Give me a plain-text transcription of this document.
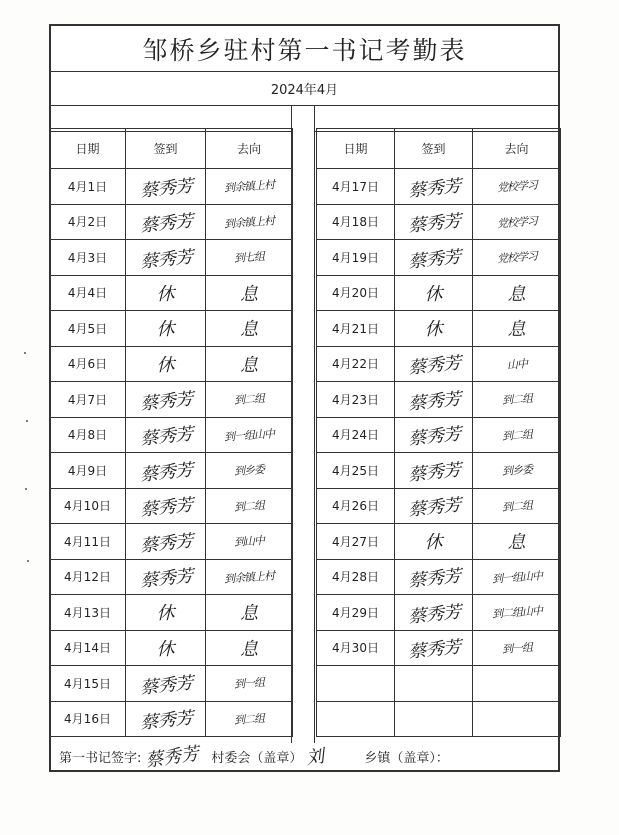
邹桥乡驻村第一书记考勤表
2024年4月
日期	签到	去向
4月1日	蔡秀芳	到余镇上村
4月2日	蔡秀芳	到余镇上村
4月3日	蔡秀芳	到七组
4月4日	休	息
4月5日	休	息
4月6日	休	息
4月7日	蔡秀芳	到二组
4月8日	蔡秀芳	到一组山中
4月9日	蔡秀芳	到乡委
4月10日	蔡秀芳	到二组
4月11日	蔡秀芳	到山中
4月12日	蔡秀芳	到余镇上村
4月13日	休	息
4月14日	休	息
4月15日	蔡秀芳	到一组
4月16日	蔡秀芳	到二组
日期	签到	去向
4月17日	蔡秀芳	党校学习
4月18日	蔡秀芳	党校学习
4月19日	蔡秀芳	党校学习
4月20日	休	息
4月21日	休	息
4月22日	蔡秀芳	山中
4月23日	蔡秀芳	到二组
4月24日	蔡秀芳	到二组
4月25日	蔡秀芳	到乡委
4月26日	蔡秀芳	到二组
4月27日	休	息
4月28日	蔡秀芳	到一组山中
4月29日	蔡秀芳	到二组山中
4月30日	蔡秀芳	到一组

第一书记签字: 蔡秀芳 村委会（盖章） 刘	乡镇（盖章）：
